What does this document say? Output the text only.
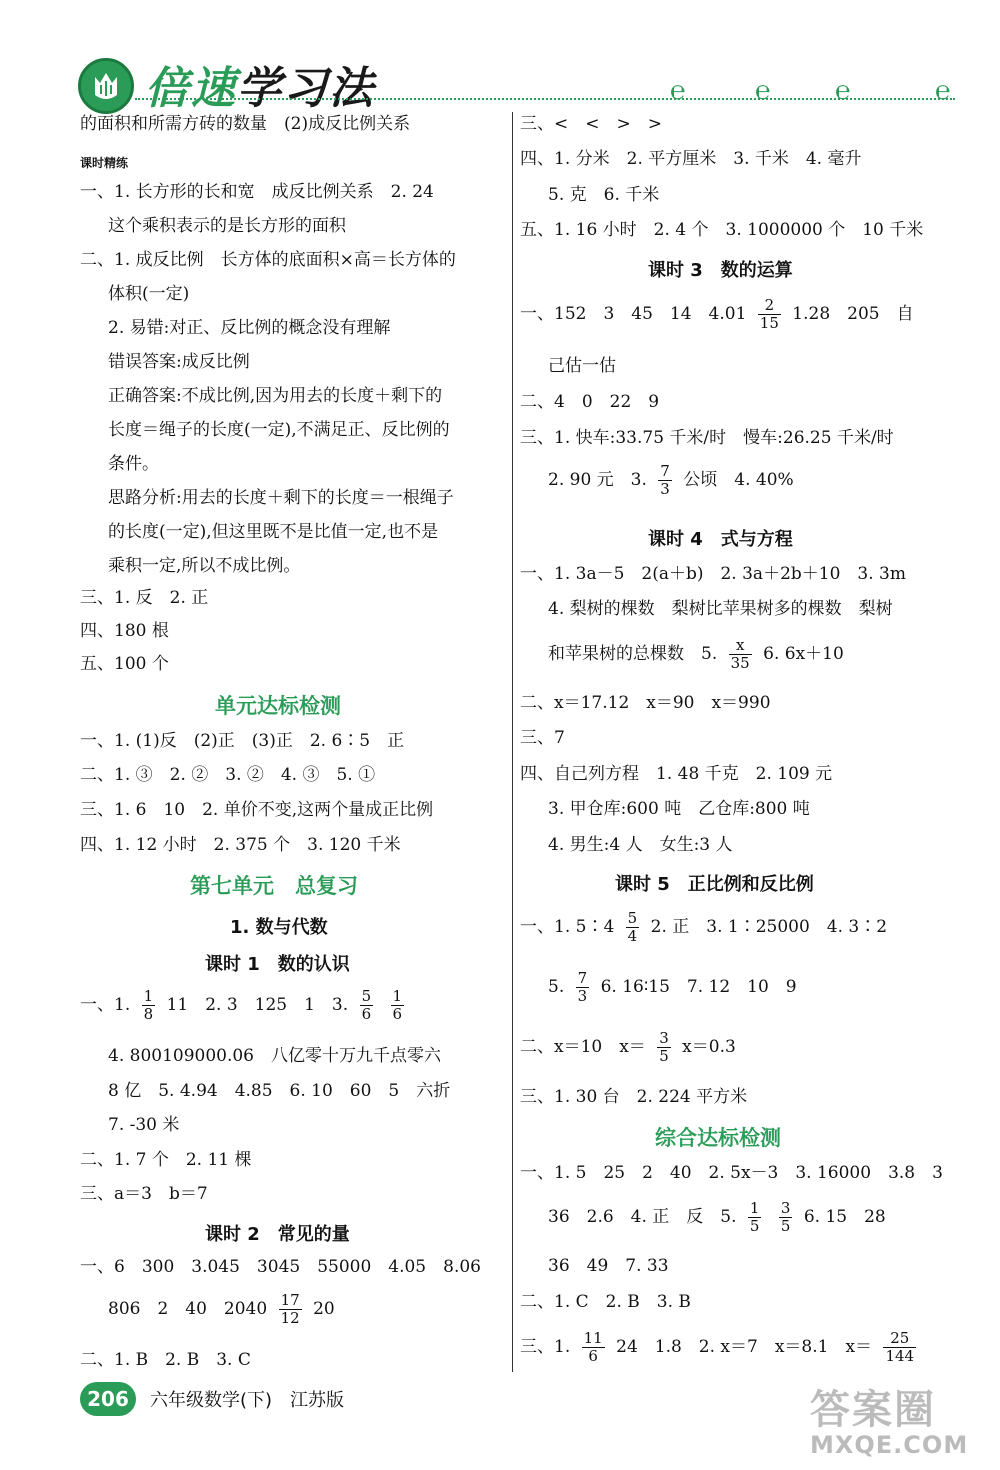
倍速学习法	℮	℮ ℮	℮
的面积和所需方砖的数量　(2)成反比例关系
课时精练
一、1. 长方形的长和宽　成反比例关系　2. 24
这个乘积表示的是长方形的面积
二、1. 成反比例　长方体的底面积×高＝长方体的
体积(一定)
2. 易错:对正、反比例的概念没有理解
错误答案:成反比例
正确答案:不成比例,因为用去的长度＋剩下的
长度＝绳子的长度(一定),不满足正、反比例的
条件。
思路分析:用去的长度＋剩下的长度＝一根绳子
的长度(一定),但这里既不是比值一定,也不是
乘积一定,所以不成比例。
三、1. 反　2. 正
四、180 根
五、100 个
单元达标检测
一、1. (1)反　(2)正　(3)正　2. 6∶5　正
二、1. ③　2. ②　3. ②　4. ③　5. ①
三、1. 6　10　2. 单价不变,这两个量成正比例
四、1. 12 小时　2. 375 个　3. 120 千米
第七单元　总复习
1. 数与代数
课时 1　数的认识
一、1. $\frac{1}{8} 11$　2. 3　125　1　3. $\frac{5}{6}$
$\frac{1}{6}$
4. 800109000.06　八亿零十万九千点零六
8 亿　5. 4.94　4.85　6. 10　60　5　六折
7. -30 米
二、1. 7 个　2. 11 棵
三、a＝3　b＝7
课时 2　常见的量
一、6　300　3.045　3045　55000　4.05　8.06
806　2　40　$2040 \frac{17}{12} 20$
二、1. B　2. B　3. C
三、<　<　>　>
四、1. 分米　2. 平方厘米　3. 千米　4. 毫升
5. 克　6. 千米
五、1. 16 小时　2. 4 个　3. 1000000 个　10 千米
课时 3　数的运算
一、152　3　45　14　$4.01 \frac{2}{15} 1.28$　205　自
己估一估
二、4　0　22　9
三、1. 快车:33.75 千米/时　慢车:26.25 千米/时
2. 90 元　3. $\frac{7}{3}$ 公顷　4. 40%
课时 4　式与方程
一、1. 3a－5　2(a＋b)　2. 3a＋2b＋10　3. 3m
4. 梨树的棵数　梨树比苹果树多的棵数　梨树
和苹果树的总棵数　5. $\frac{x}{35} 6$. 6x＋10
二、x＝17.12　x＝90　x＝990
三、7
四、自己列方程　1. 48 千克　2. 109 元
3. 甲仓库:600 吨　乙仓库:800 吨
4. 男生:4 人　女生:3 人
课时 5　正比例和反比例
一、1. 5∶4 $\frac{5}{4} 2$. 正　3. 1∶25000　4. 3∶2
5. $\frac{7}{3} 6$. 16∶15　7. 12　10　9
二、x＝10　$x= \frac{3}{5} x=0.3$
三、1. 30 台　2. 224 平方米
综合达标检测
一、1. 5　25　2　40　2. 5x－3　3. 16000　3.8　3
36　2.6　4. 正　反　5. $\frac{1}{5}$
$\frac{3}{5} 6$. 15　28
36　49　7. 33
二、1. C　2. B　3. B
三、1. $\frac{11}{6} 24$　1.8　2. x＝7　x＝8.1　$x= \frac{25}{144}$
206	六年级数学(下)　江苏版	答案圈
MXQE.COM
